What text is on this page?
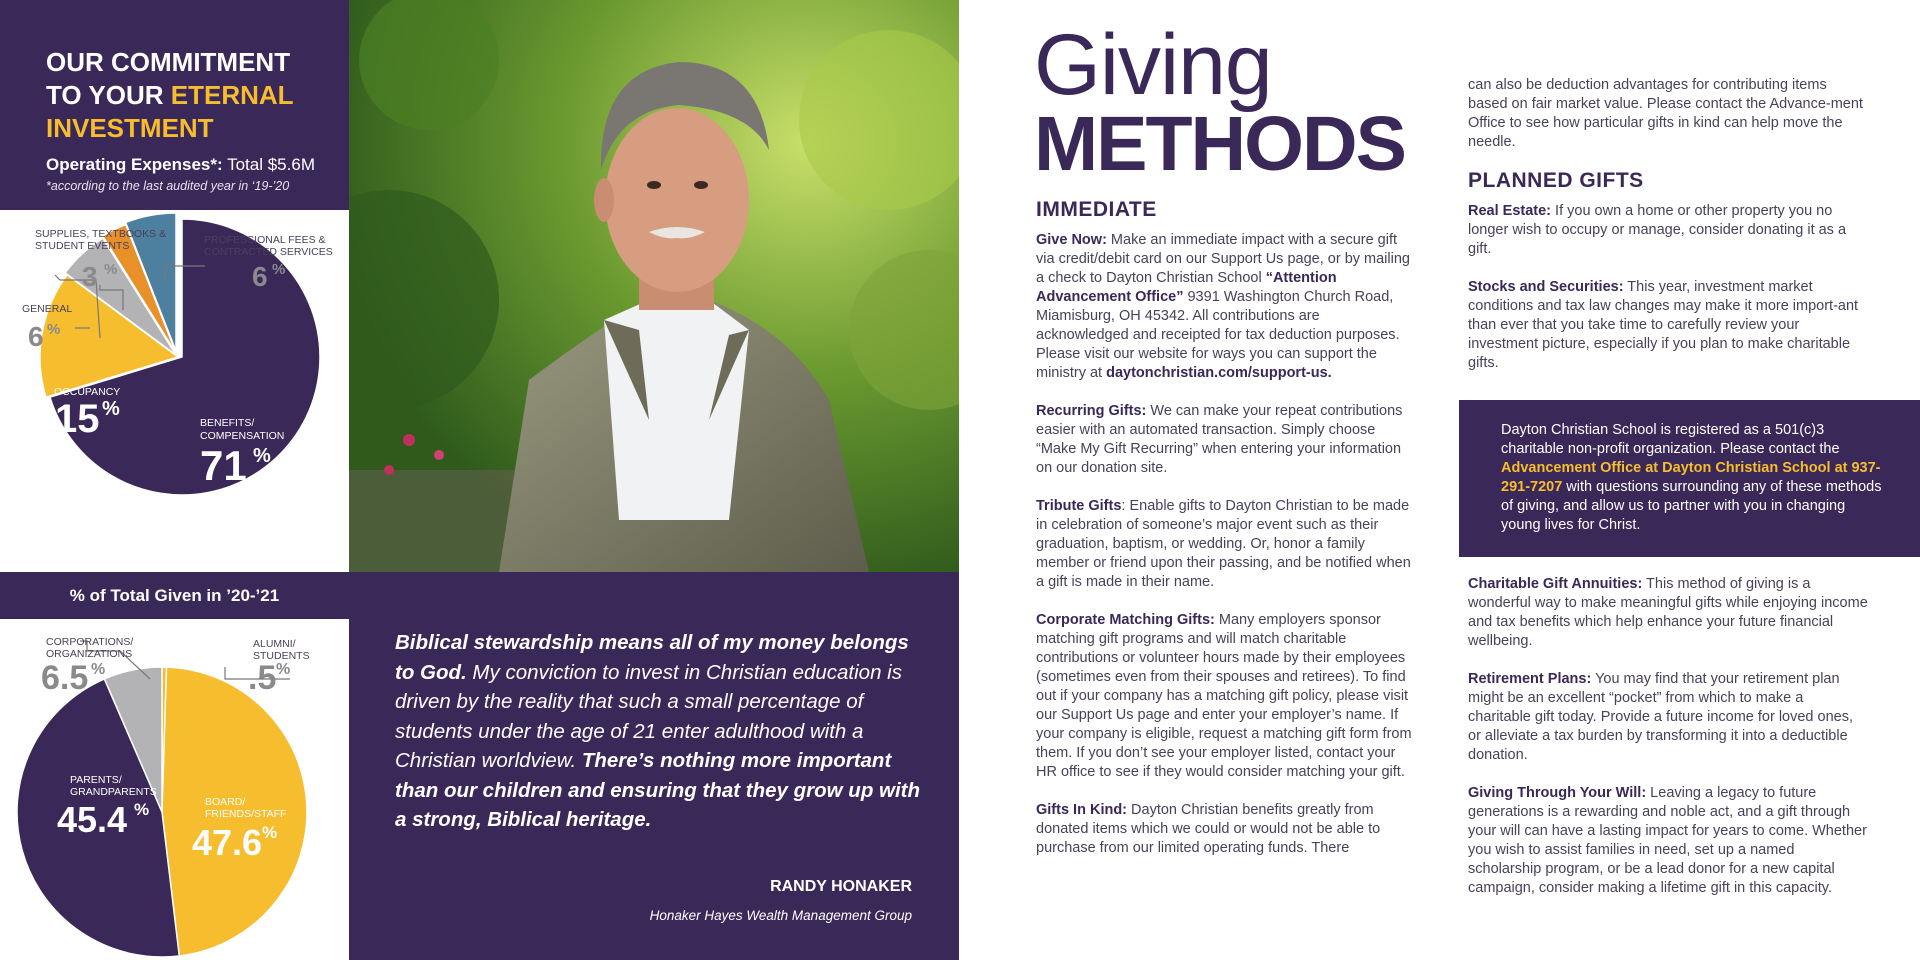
OUR COMMITMENT
TO YOUR ETERNAL
INVESTMENT
Operating Expenses*: Total $5.6M
*according to the last audited year in ‘19-’20
SUPPLIES, TEXTBOOKS &
STUDENT EVENTS
3 %
PROFESSIONAL FEES &
CONTRACTED SERVICES
6 %
GENERAL
6 %
OCCUPANCY
15 %
BENEFITS/
COMPENSATION
71 %
% of Total Given in ’20-’21
CORPORATIONS/
ORGANIZATIONS
6.5 %
ALUMNI/
STUDENTS
.5 %
PARENTS/
GRANDPARENTS
45.4 %	BOARD/
FRIENDS/STAFF
47.6 %
Biblical stewardship means all of my money belongs to God. My conviction to invest in Christian education is driven by the reality that such a small percentage of students under the age of 21 enter adulthood with a Christian worldview. There’s nothing more important than our children and ensuring that they grow up with a strong, Biblical heritage.
RANDY HONAKER
Honaker Hayes Wealth Management Group
Giving
METHODS
IMMEDIATE

Give Now: Make an immediate impact with a secure gift via credit/debit card on our Support Us page, or by mailing a check to Dayton Christian School “Attention Advancement Office” 9391 Washington Church Road, Miamisburg, OH 45342. All contributions are acknowledged and receipted for tax deduction purposes. Please visit our website for ways you can support the ministry at daytonchristian.com/support-us.

Recurring Gifts: We can make your repeat contributions easier with an automated transaction. Simply choose “Make My Gift Recurring” when entering your information on our donation site.

Tribute Gifts: Enable gifts to Dayton Christian to be made in celebration of someone’s major event such as their graduation, baptism, or wedding. Or, honor a family member or friend upon their passing, and be notified when a gift is made in their name.

Corporate Matching Gifts: Many employers sponsor matching gift programs and will match charitable contributions or volunteer hours made by their employees (sometimes even from their spouses and retirees). To find out if your company has a matching gift policy, please visit our Support Us page and enter your employer’s name. If your company is eligible, request a matching gift form from them. If you don’t see your employer listed, contact your HR office to see if they would consider matching your gift.

Gifts In Kind: Dayton Christian benefits greatly from donated items which we could or would not be able to purchase from our limited operating funds. There

can also be deduction advantages for contributing items based on fair market value. Please contact the Advance-ment Office to see how particular gifts in kind can help move the needle.

PLANNED GIFTS

Real Estate: If you own a home or other property you no longer wish to occupy or manage, consider donating it as a gift.

Stocks and Securities: This year, investment market conditions and tax law changes may make it more import-ant than ever that you take time to carefully review your investment picture, especially if you plan to make charitable gifts.

Dayton Christian School is registered as a 501(c)3 charitable non-profit organization. Please contact the Advancement Office at Dayton Christian School at 937-291-7207 with questions surrounding any of these methods of giving, and allow us to partner with you in changing young lives for Christ.

Charitable Gift Annuities: This method of giving is a wonderful way to make meaningful gifts while enjoying income and tax benefits which help enhance your future financial wellbeing.

Retirement Plans: You may find that your retirement plan might be an excellent “pocket” from which to make a charitable gift today. Provide a future income for loved ones, or alleviate a tax burden by transforming it into a deductible donation.

Giving Through Your Will: Leaving a legacy to future generations is a rewarding and noble act, and a gift through your will can have a lasting impact for years to come. Whether you wish to assist families in need, set up a named scholarship program, or be a lead donor for a new capital campaign, consider making a lifetime gift in this capacity.
